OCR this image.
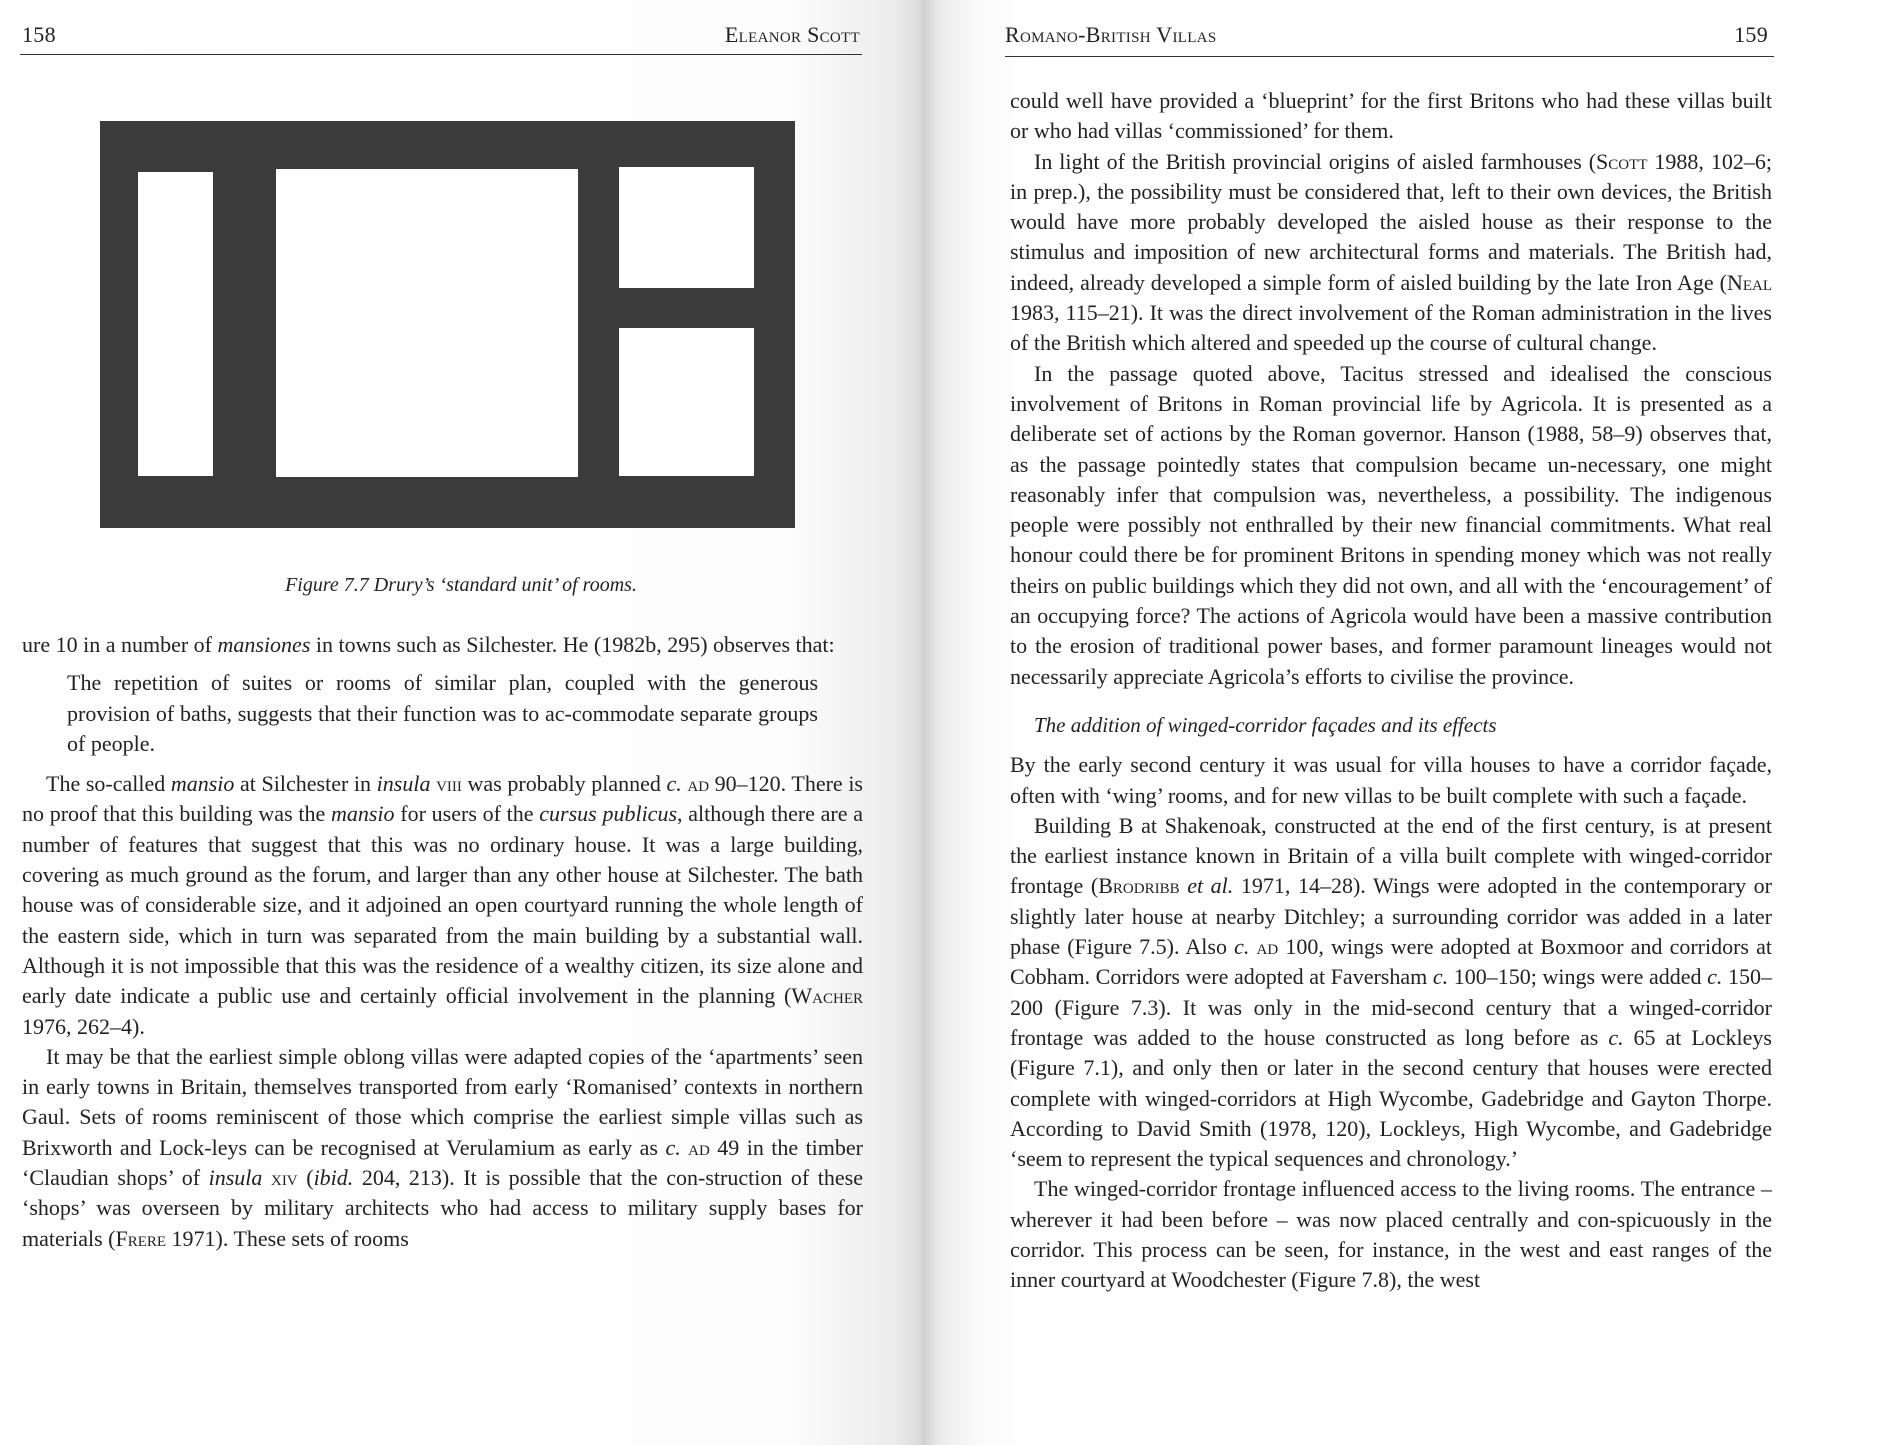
158	Eleanor Scott
Figure 7.7 Drury’s ‘standard unit’ of rooms.

ure 10 in a number of mansiones in towns such as Silchester. He (1982b, 295) observes that:

The repetition of suites or rooms of similar plan, coupled with the generous provision of baths, suggests that their function was to ac-commodate separate groups of people.

The so-called mansio at Silchester in insula viii was probably planned c. ad 90–120. There is no proof that this building was the mansio for users of the cursus publicus, although there are a number of features that suggest that this was no ordinary house. It was a large building, covering as much ground as the forum, and larger than any other house at Silchester. The bath house was of considerable size, and it adjoined an open courtyard running the whole length of the eastern side, which in turn was separated from the main building by a substantial wall. Although it is not impossible that this was the residence of a wealthy citizen, its size alone and early date indicate a public use and certainly official involvement in the planning (Wacher 1976, 262–4).

It may be that the earliest simple oblong villas were adapted copies of the ‘apartments’ seen in early towns in Britain, themselves transported from early ‘Romanised’ contexts in northern Gaul. Sets of rooms reminiscent of those which comprise the earliest simple villas such as Brixworth and Lock-leys can be recognised at Verulamium as early as c. ad 49 in the timber ‘Claudian shops’ of insula xiv (ibid. 204, 213). It is possible that the con-struction of these ‘shops’ was overseen by military architects who had access to military supply bases for materials (Frere 1971). These sets of rooms

Romano-British Villas	159

could well have provided a ‘blueprint’ for the first Britons who had these villas built or who had villas ‘commissioned’ for them.

In light of the British provincial origins of aisled farmhouses (Scott 1988, 102–6; in prep.), the possibility must be considered that, left to their own devices, the British would have more probably developed the aisled house as their response to the stimulus and imposition of new architectural forms and materials. The British had, indeed, already developed a simple form of aisled building by the late Iron Age (Neal 1983, 115–21). It was the direct involvement of the Roman administration in the lives of the British which altered and speeded up the course of cultural change.

In the passage quoted above, Tacitus stressed and idealised the conscious involvement of Britons in Roman provincial life by Agricola. It is presented as a deliberate set of actions by the Roman governor. Hanson (1988, 58–9) observes that, as the passage pointedly states that compulsion became un-necessary, one might reasonably infer that compulsion was, nevertheless, a possibility. The indigenous people were possibly not enthralled by their new financial commitments. What real honour could there be for prominent Britons in spending money which was not really theirs on public buildings which they did not own, and all with the ‘encouragement’ of an occupying force? The actions of Agricola would have been a massive contribution to the erosion of traditional power bases, and former paramount lineages would not necessarily appreciate Agricola’s efforts to civilise the province.

The addition of winged-corridor façades and its effects

By the early second century it was usual for villa houses to have a corridor façade, often with ‘wing’ rooms, and for new villas to be built complete with such a façade.

Building B at Shakenoak, constructed at the end of the first century, is at present the earliest instance known in Britain of a villa built complete with winged-corridor frontage (Brodribb et al. 1971, 14–28). Wings were adopted in the contemporary or slightly later house at nearby Ditchley; a surrounding corridor was added in a later phase (Figure 7.5). Also c. ad 100, wings were adopted at Boxmoor and corridors at Cobham. Corridors were adopted at Faversham c. 100–150; wings were added c. 150–200 (Figure 7.3). It was only in the mid-second century that a winged-corridor frontage was added to the house constructed as long before as c. 65 at Lockleys (Figure 7.1), and only then or later in the second century that houses were erected complete with winged-corridors at High Wycombe, Gadebridge and Gayton Thorpe. According to David Smith (1978, 120), Lockleys, High Wycombe, and Gadebridge ‘seem to represent the typical sequences and chronology.’

The winged-corridor frontage influenced access to the living rooms. The entrance – wherever it had been before – was now placed centrally and con-spicuously in the corridor. This process can be seen, for instance, in the west and east ranges of the inner courtyard at Woodchester (Figure 7.8), the west
